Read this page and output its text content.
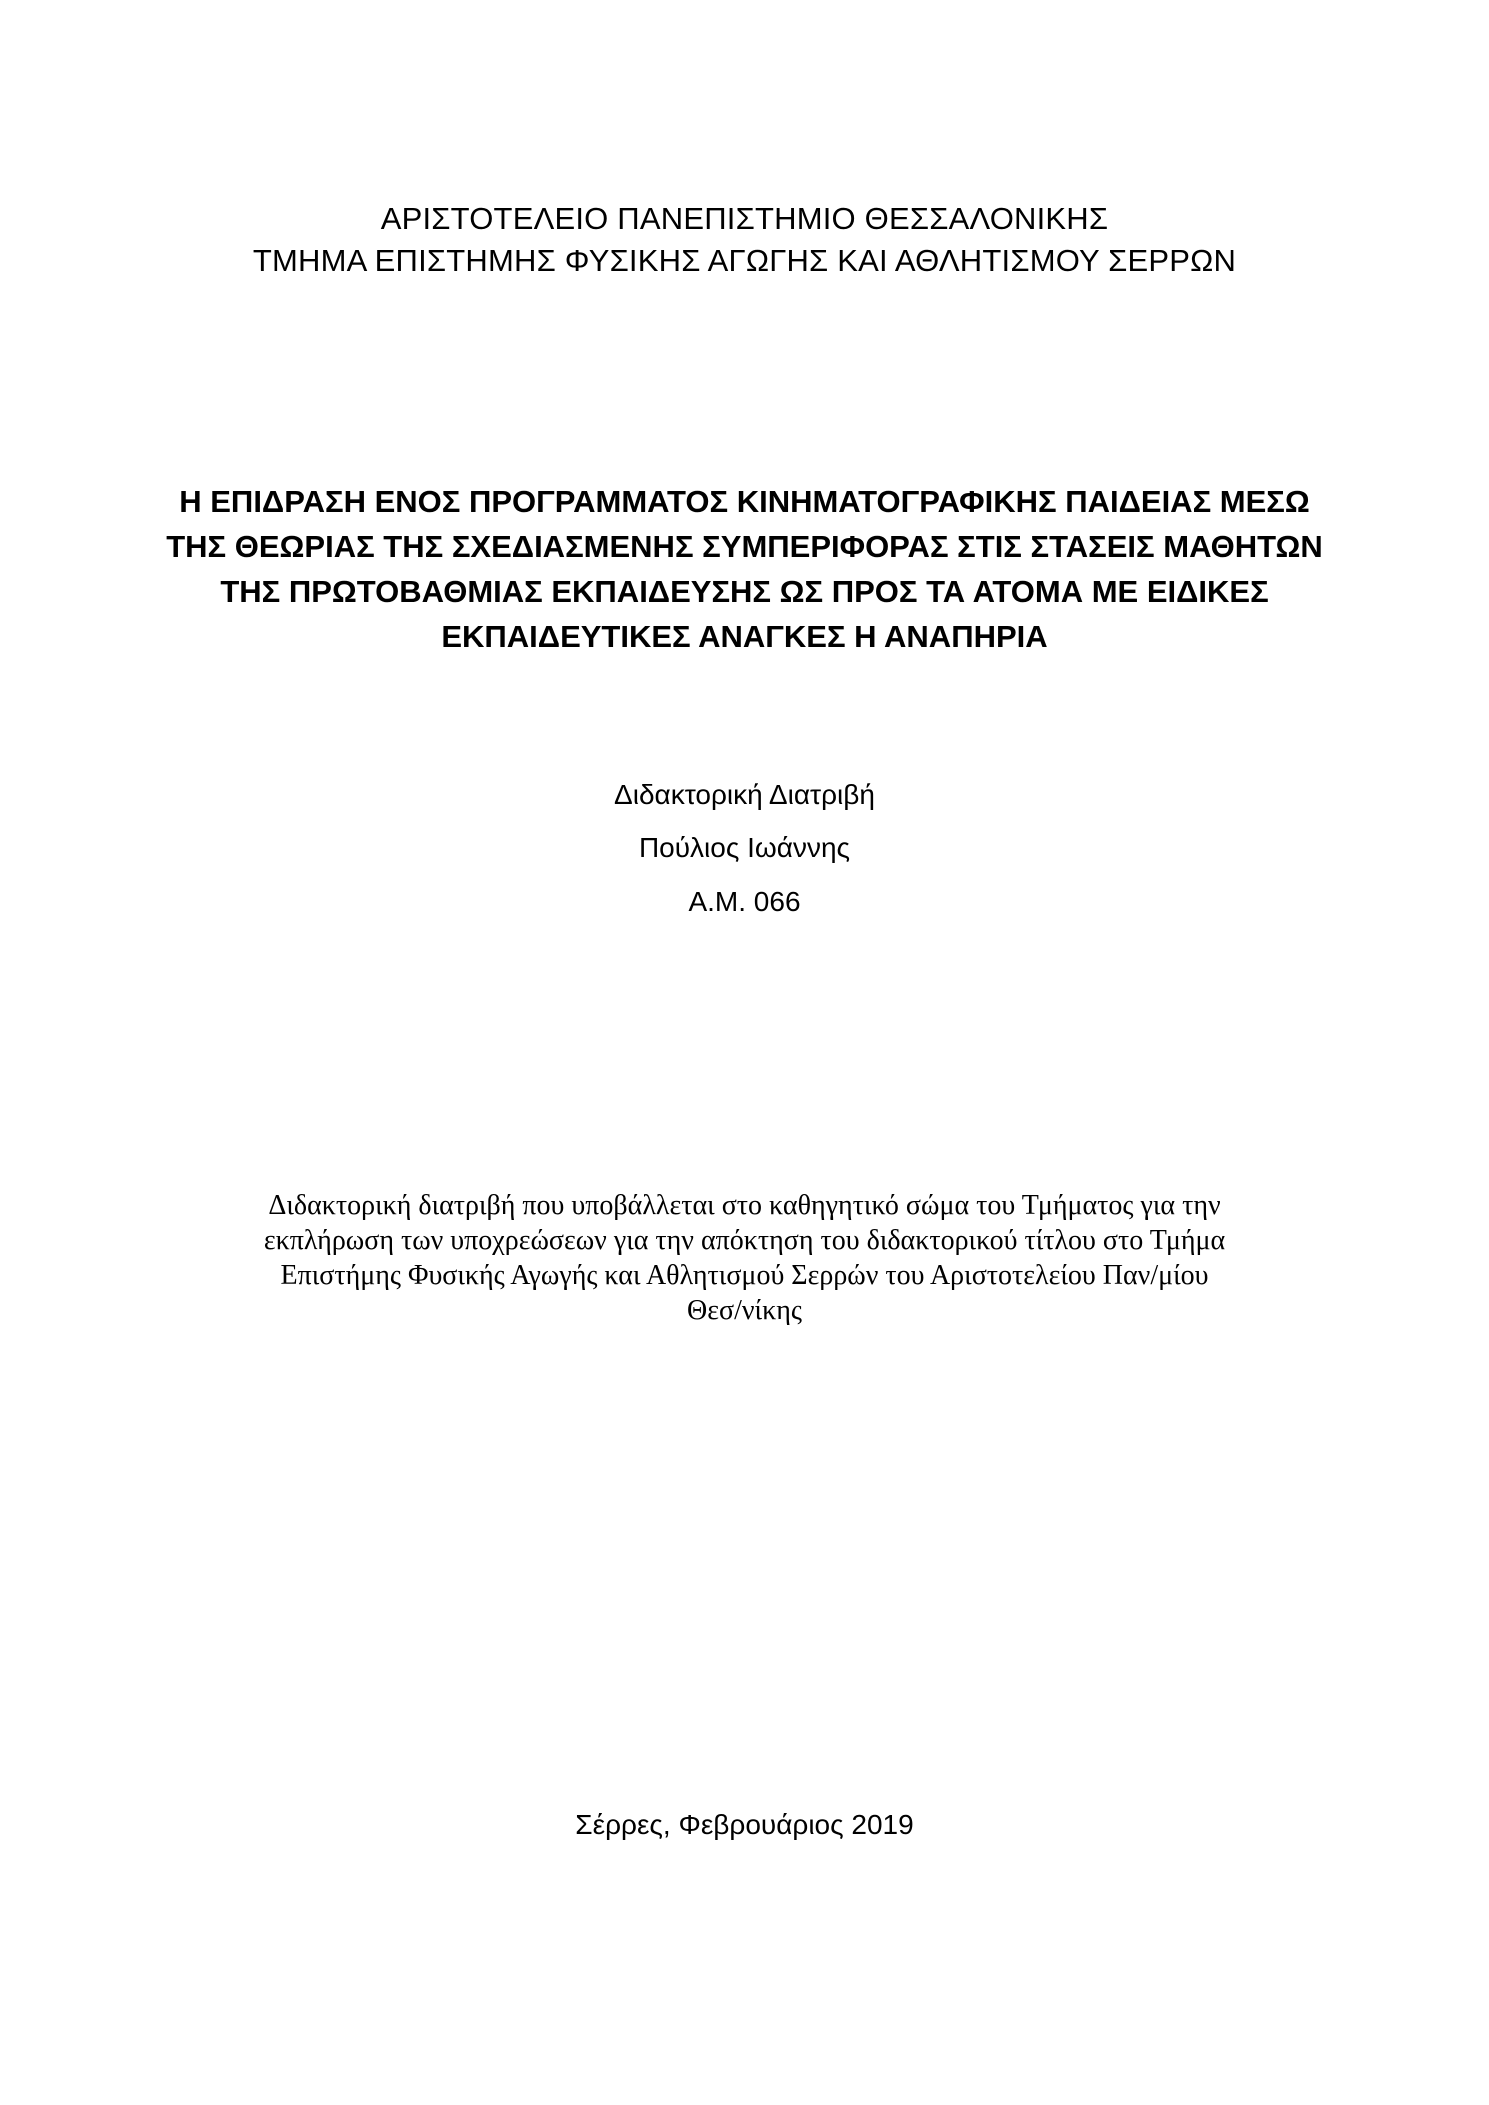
ΑΡΙΣΤΟΤΕΛΕΙΟ ΠΑΝΕΠΙΣΤΗΜΙΟ ΘΕΣΣΑΛΟΝΙΚΗΣ
ΤΜΗΜΑ ΕΠΙΣΤΗΜΗΣ ΦΥΣΙΚΗΣ ΑΓΩΓΗΣ ΚΑΙ ΑΘΛΗΤΙΣΜΟΥ ΣΕΡΡΩΝ
Η ΕΠΙΔΡΑΣΗ ΕΝΟΣ ΠΡΟΓΡΑΜΜΑΤΟΣ ΚΙΝΗΜΑΤΟΓΡΑΦΙΚΗΣ ΠΑΙΔΕΙΑΣ ΜΕΣΩ
ΤΗΣ ΘΕΩΡΙΑΣ ΤΗΣ ΣΧΕΔΙΑΣΜΕΝΗΣ ΣΥΜΠΕΡΙΦΟΡΑΣ ΣΤΙΣ ΣΤΑΣΕΙΣ ΜΑΘΗΤΩΝ
ΤΗΣ ΠΡΩΤΟΒΑΘΜΙΑΣ ΕΚΠΑΙΔΕΥΣΗΣ ΩΣ ΠΡΟΣ ΤΑ ΑΤΟΜΑ ΜΕ ΕΙΔΙΚΕΣ
ΕΚΠΑΙΔΕΥΤΙΚΕΣ ΑΝΑΓΚΕΣ Η ΑΝΑΠΗΡΙΑ
Διδακτορική Διατριβή
Πούλιος Ιωάννης
Α.Μ. 066
Διδακτορική διατριβή που υποβάλλεται στο καθηγητικό σώμα του Τμήματος για την
εκπλήρωση των υποχρεώσεων για την απόκτηση του διδακτορικού τίτλου στο Τμήμα
Επιστήμης Φυσικής Αγωγής και Αθλητισμού Σερρών του Αριστοτελείου Παν/μίου
Θεσ/νίκης
Σέρρες, Φεβρουάριος 2019
